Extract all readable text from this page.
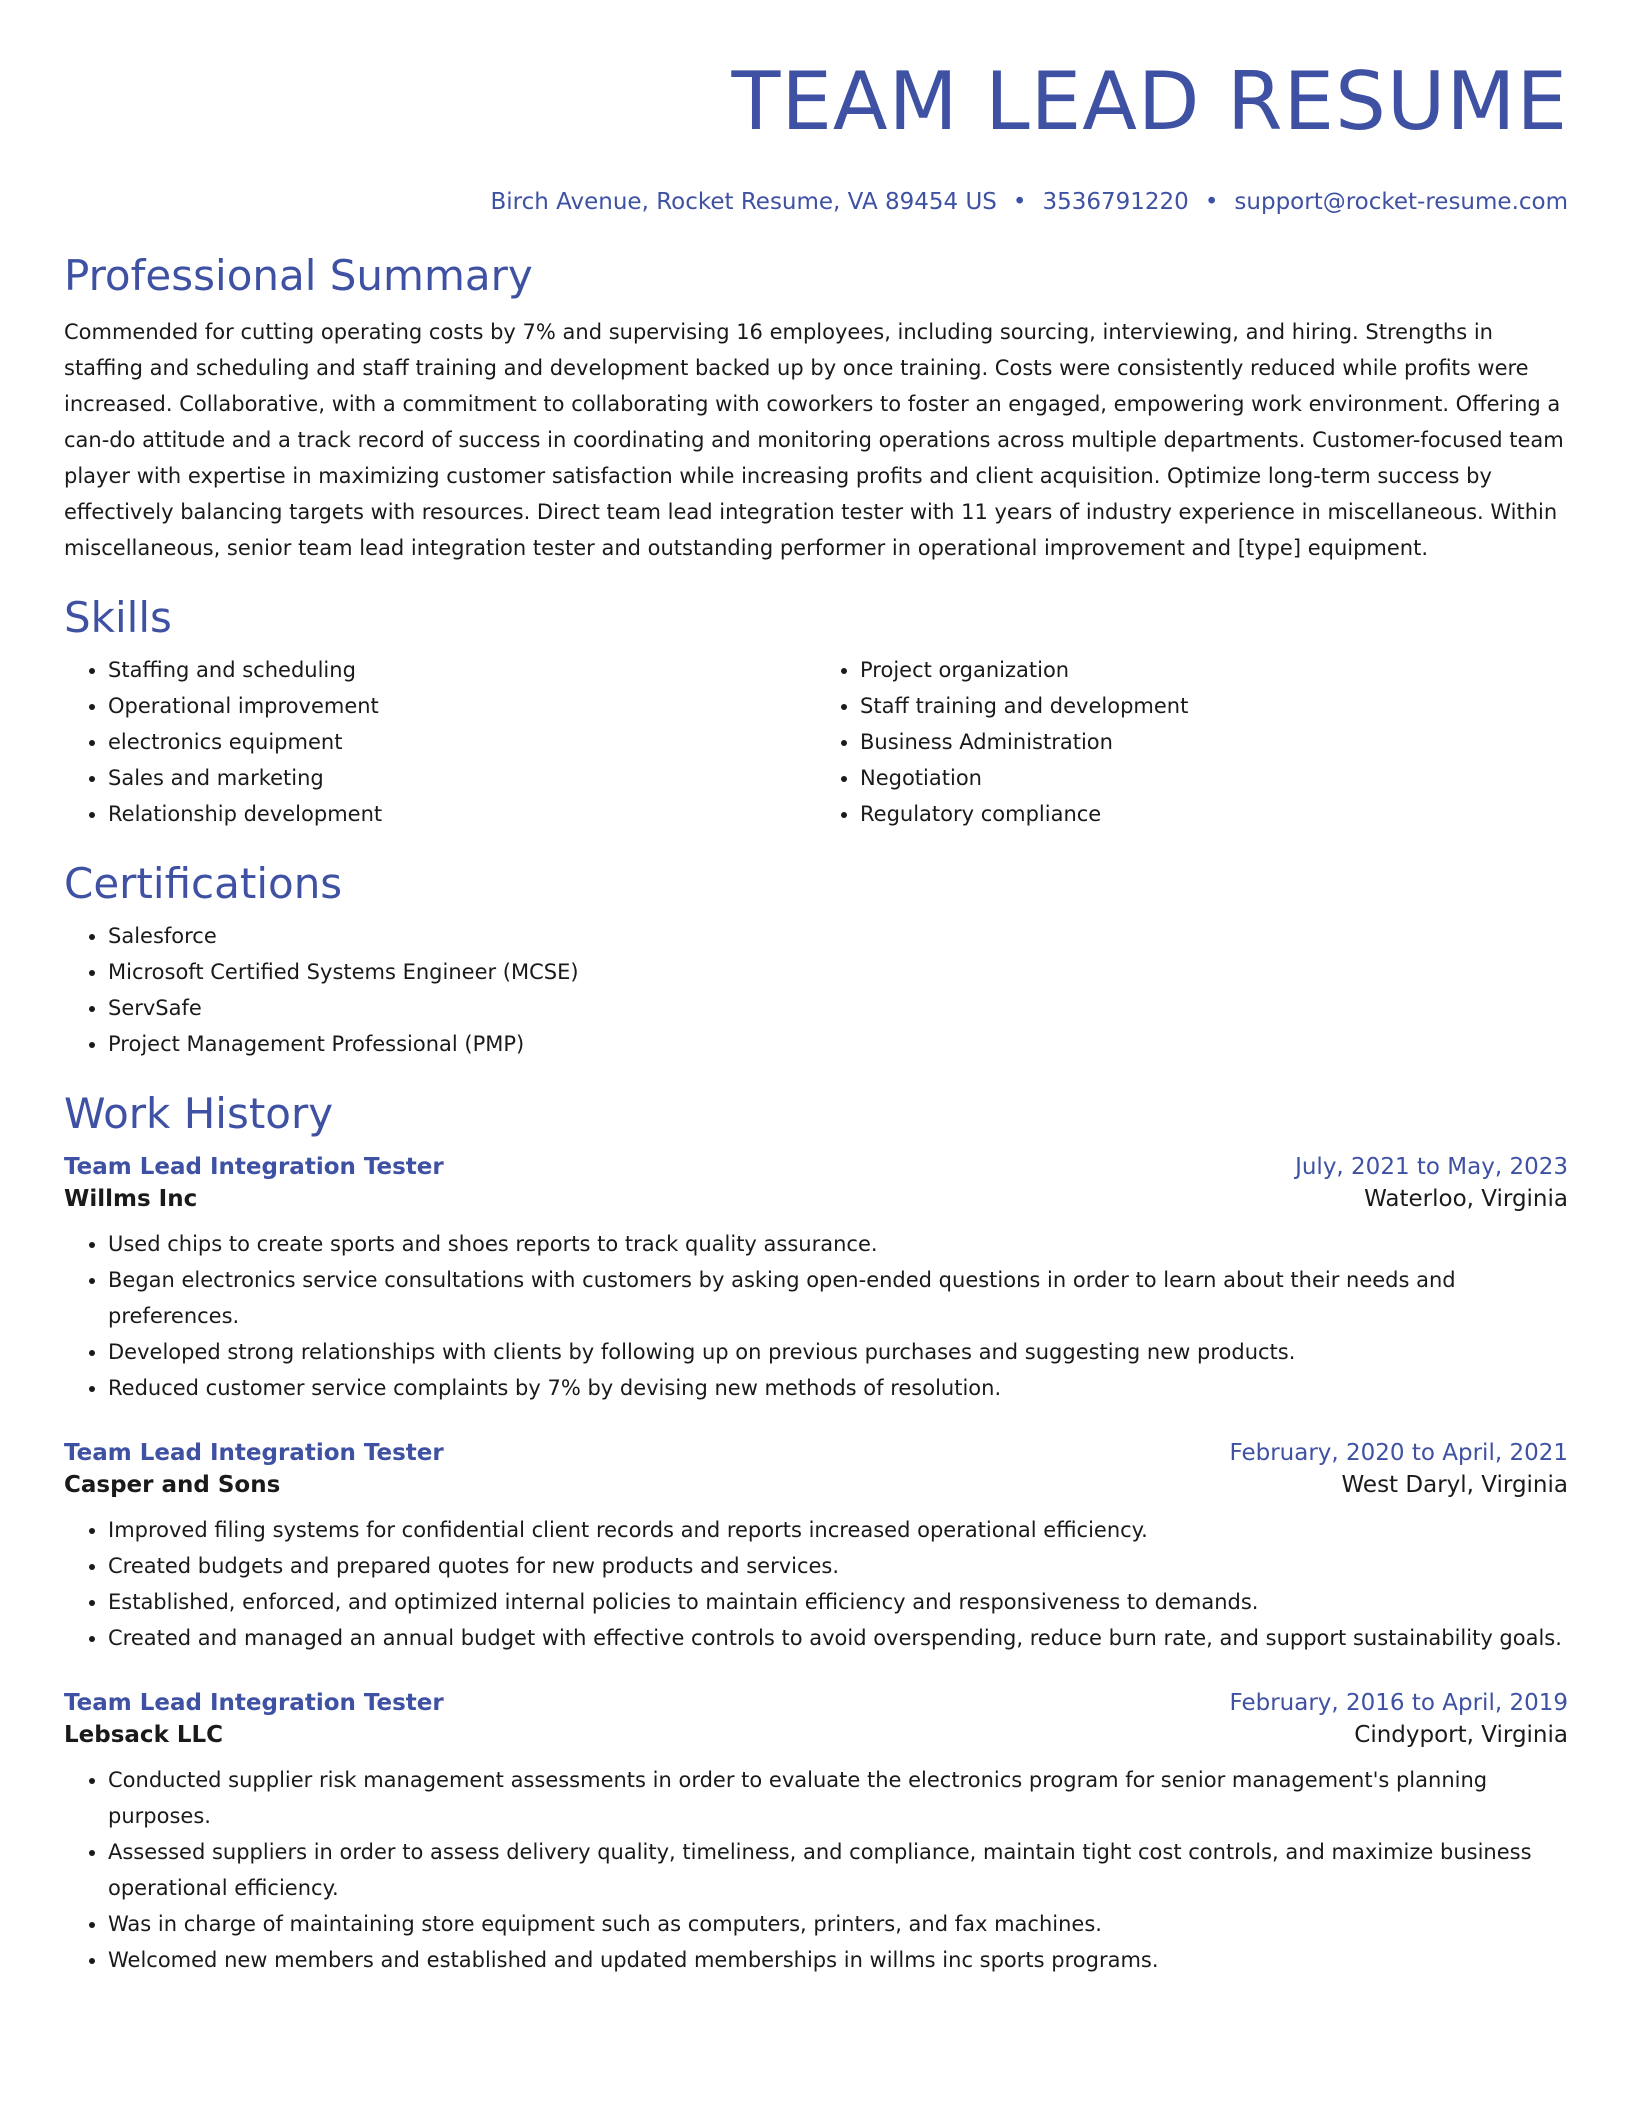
TEAM LEAD RESUME
Birch Avenue, Rocket Resume, VA 89454 US • 3536791220 • support@rocket-resume.com
Professional Summary

Commended for cutting operating costs by 7% and supervising 16 employees, including sourcing, interviewing, and hiring. Strengths in staffing and scheduling and staff training and development backed up by once training. Costs were consistently reduced while profits were increased. Collaborative, with a commitment to collaborating with coworkers to foster an engaged, empowering work environment. Offering a can-do attitude and a track record of success in coordinating and monitoring operations across multiple departments. Customer-focused team player with expertise in maximizing customer satisfaction while increasing profits and client acquisition. Optimize long-term success by effectively balancing targets with resources. Direct team lead integration tester with 11 years of industry experience in miscellaneous. Within miscellaneous, senior team lead integration tester and outstanding performer in operational improvement and [type] equipment.

Skills
• Staffing and scheduling
• Operational improvement
• electronics equipment
• Sales and marketing
• Relationship development
• Project organization
• Staff training and development
• Business Administration
• Negotiation
• Regulatory compliance
Certifications
• Salesforce
• Microsoft Certified Systems Engineer (MCSE)
• ServSafe
• Project Management Professional (PMP)
Work History
Team Lead Integration Tester	July, 2021 to May, 2023
Willms Inc	Waterloo, Virginia
• Used chips to create sports and shoes reports to track quality assurance.
• Began electronics service consultations with customers by asking open-ended questions in order to learn about their needs and preferences.
• Developed strong relationships with clients by following up on previous purchases and suggesting new products.
• Reduced customer service complaints by 7% by devising new methods of resolution.
Team Lead Integration Tester	February, 2020 to April, 2021
Casper and Sons	West Daryl, Virginia
• Improved filing systems for confidential client records and reports increased operational efficiency.
• Created budgets and prepared quotes for new products and services.
• Established, enforced, and optimized internal policies to maintain efficiency and responsiveness to demands.
• Created and managed an annual budget with effective controls to avoid overspending, reduce burn rate, and support sustainability goals.
Team Lead Integration Tester	February, 2016 to April, 2019
Lebsack LLC	Cindyport, Virginia
• Conducted supplier risk management assessments in order to evaluate the electronics program for senior management's planning purposes.
• Assessed suppliers in order to assess delivery quality, timeliness, and compliance, maintain tight cost controls, and maximize business operational efficiency.
• Was in charge of maintaining store equipment such as computers, printers, and fax machines.
• Welcomed new members and established and updated memberships in willms inc sports programs.
